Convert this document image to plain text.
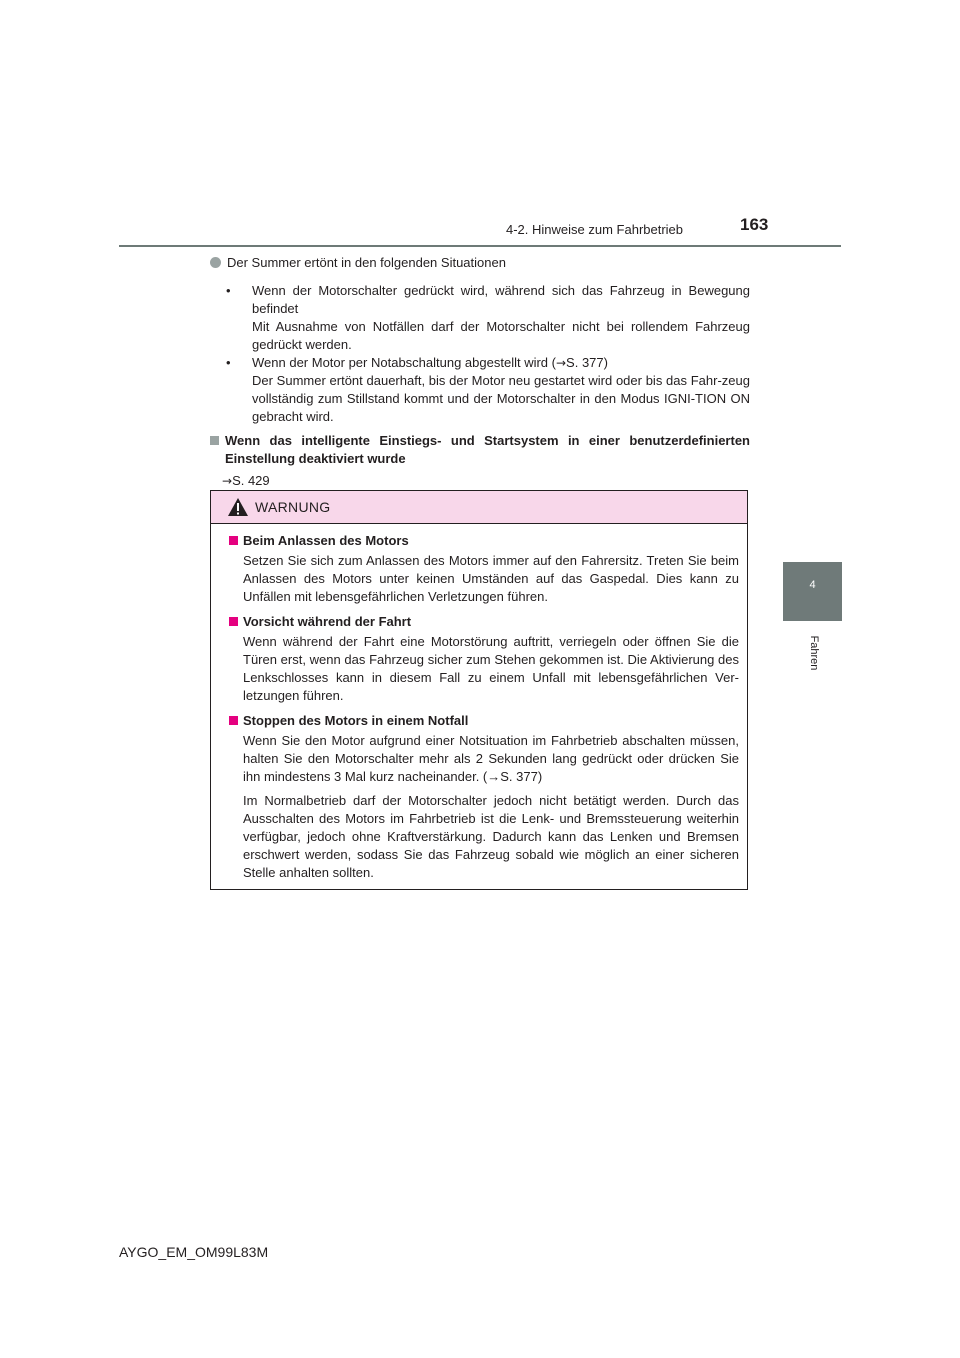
4-2. Hinweise zum Fahrbetrieb	163
4
Fahren
Der Summer ertönt in den folgenden Situationen
•	Wenn der Motorschalter gedrückt wird, während sich das Fahrzeug in Bewegung befindet
Mit Ausnahme von Notfällen darf der Motorschalter nicht bei rollendem Fahrzeug gedrückt werden.
•	Wenn der Motor per Notabschaltung abgestellt wird (→S. 377)
Der Summer ertönt dauerhaft, bis der Motor neu gestartet wird oder bis das Fahr-zeug vollständig zum Stillstand kommt und der Motorschalter in den Modus IGNI-TION ON gebracht wird.
Wenn das intelligente Einstiegs- und Startsystem in einer benutzerdefinierten Einstellung deaktiviert wurde
→S. 429
WARNUNG
Beim Anlassen des Motors

Setzen Sie sich zum Anlassen des Motors immer auf den Fahrersitz. Treten Sie beim Anlassen des Motors unter keinen Umständen auf das Gaspedal. Dies kann zu Unfällen mit lebensgefährlichen Verletzungen führen.

Vorsicht während der Fahrt

Wenn während der Fahrt eine Motorstörung auftritt, verriegeln oder öffnen Sie die Türen erst, wenn das Fahrzeug sicher zum Stehen gekommen ist. Die Aktivierung des Lenkschlosses kann in diesem Fall zu einem Unfall mit lebensgefährlichen Ver-letzungen führen.

Stoppen des Motors in einem Notfall

Wenn Sie den Motor aufgrund einer Notsituation im Fahrbetrieb abschalten müssen, halten Sie den Motorschalter mehr als 2 Sekunden lang gedrückt oder drücken Sie ihn mindestens 3 Mal kurz nacheinander. (→S. 377)

Im Normalbetrieb darf der Motorschalter jedoch nicht betätigt werden. Durch das Ausschalten des Motors im Fahrbetrieb ist die Lenk- und Bremssteuerung weiterhin verfügbar, jedoch ohne Kraftverstärkung. Dadurch kann das Lenken und Bremsen erschwert werden, sodass Sie das Fahrzeug sobald wie möglich an einer sicheren Stelle anhalten sollten.

AYGO_EM_OM99L83M
